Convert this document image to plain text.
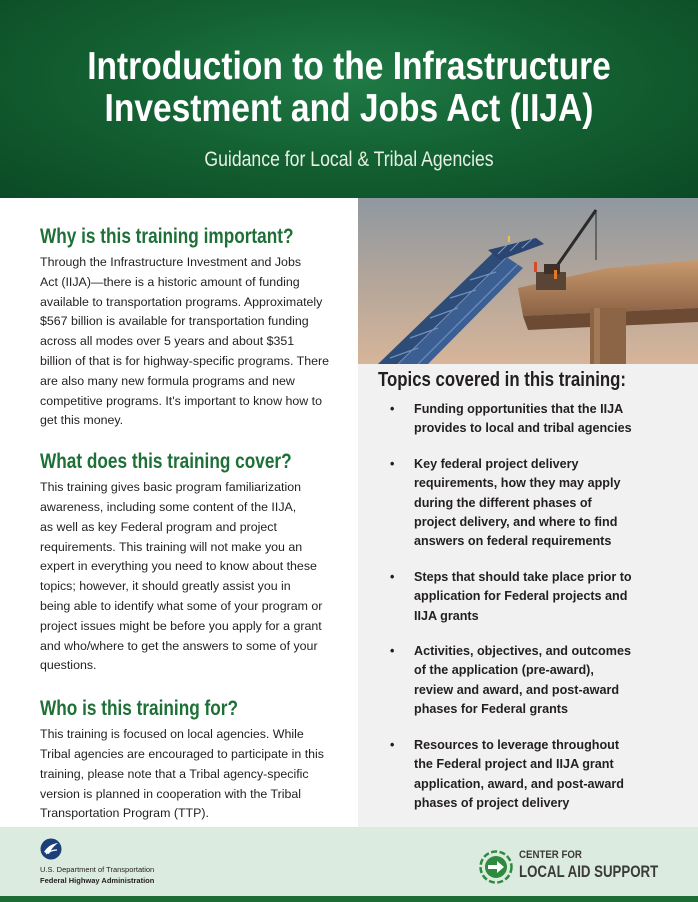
Introduction to the Infrastructure
Investment and Jobs Act (IIJA)
Guidance for Local & Tribal Agencies
Why is this training important?
Through the Infrastructure Investment and Jobs
Act (IIJA)—there is a historic amount of funding
available to transportation programs. Approximately
$567 billion is available for transportation funding
across all modes over 5 years and about $351
billion of that is for highway-specific programs. There
are also many new formula programs and new
competitive programs. It's important to know how to
get this money.
What does this training cover?
This training gives basic program familiarization
awareness, including some content of the IIJA,
as well as key Federal program and project
requirements. This training will not make you an
expert in everything you need to know about these
topics; however, it should greatly assist you in
being able to identify what some of your program or
project issues might be before you apply for a grant
and who/where to get the answers to some of your
questions.
Who is this training for?
This training is focused on local agencies. While
Tribal agencies are encouraged to participate in this
training, please note that a Tribal agency-specific
version is planned in cooperation with the Tribal
Transportation Program (TTP).
Topics covered in this training:
• Funding opportunities that the IIJA
provides to local and tribal agencies
• Key federal project delivery
requirements, how they may apply
during the different phases of
project delivery, and where to find
answers on federal requirements
• Steps that should take place prior to
application for Federal projects and
IIJA grants
• Activities, objectives, and outcomes
of the application (pre-award),
review and award, and post-award
phases for Federal grants
• Resources to leverage throughout
the Federal project and IIJA grant
application, award, and post-award
phases of project delivery
U.S. Department of Transportation
Federal Highway Administration
CENTER FOR
LOCAL AID SUPPORT
